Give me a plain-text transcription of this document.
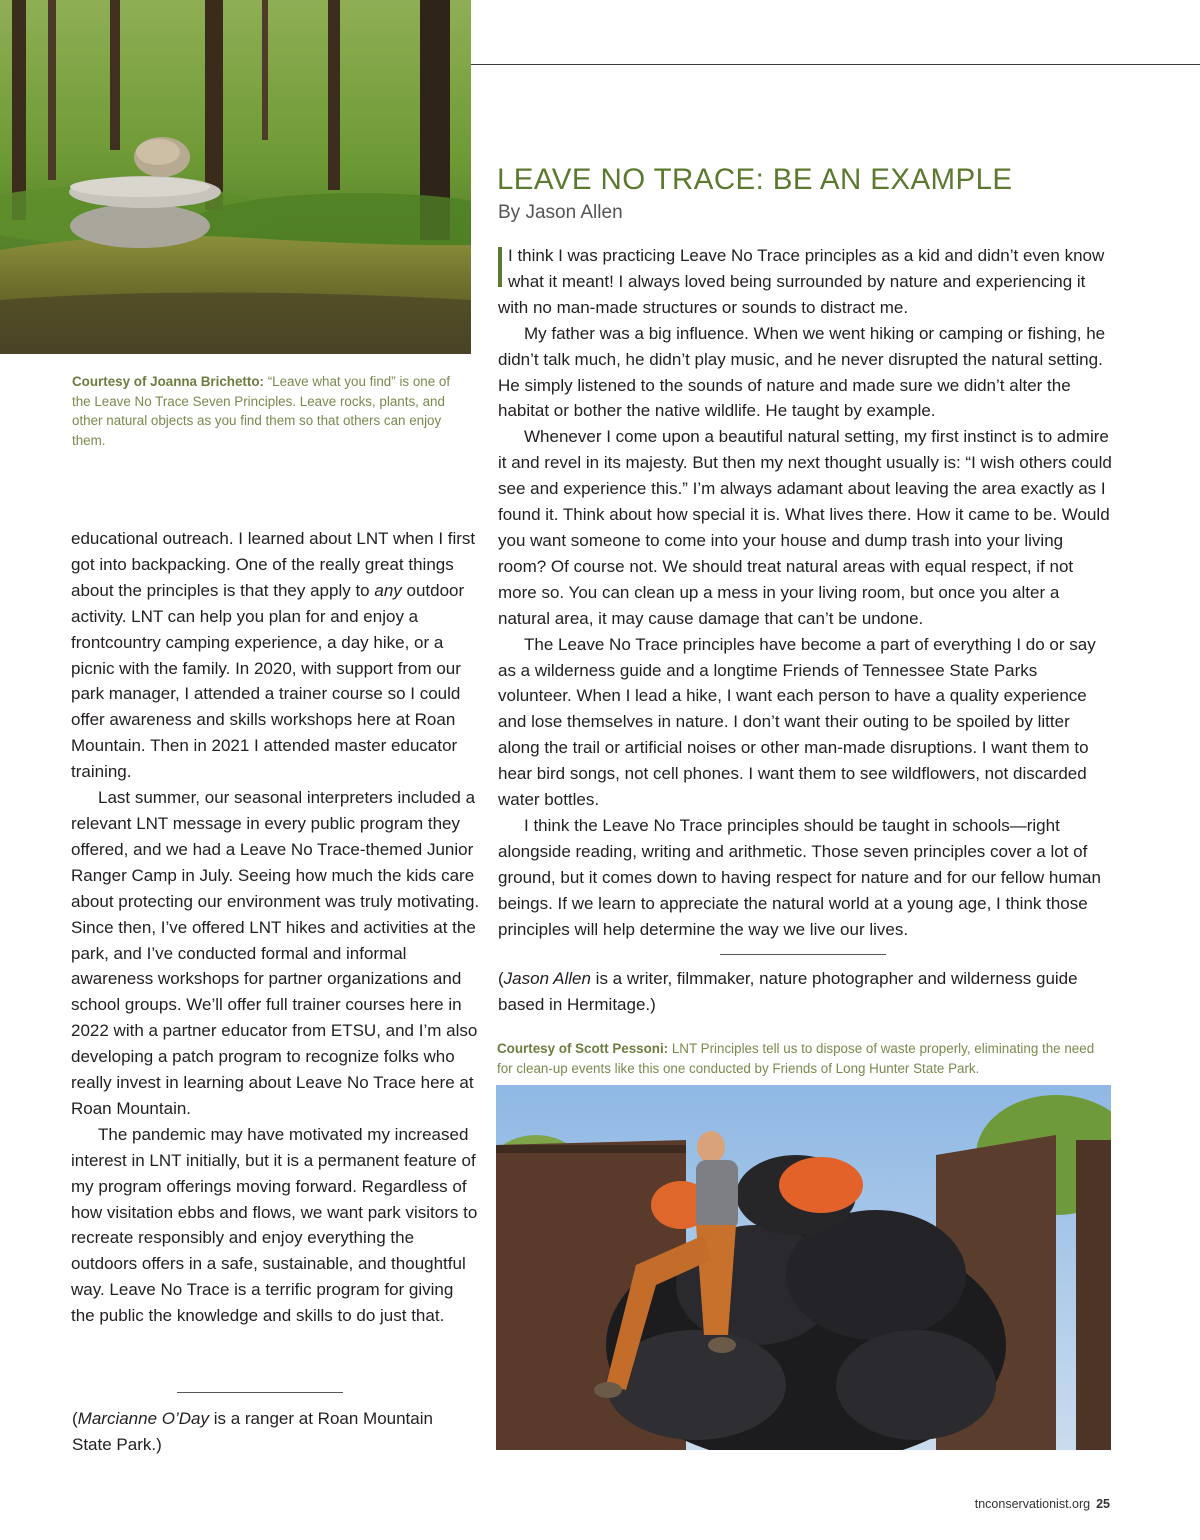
Courtesy of Joanna Brichetto: “Leave what you find” is one of the Leave No Trace Seven Principles. Leave rocks, plants, and other natural objects as you find them so that others can enjoy them.

educational outreach. I learned about LNT when I first got into backpacking. One of the really great things about the principles is that they apply to any outdoor activity. LNT can help you plan for and enjoy a frontcountry camping experience, a day hike, or a picnic with the family. In 2020, with support from our park manager, I attended a trainer course so I could offer awareness and skills workshops here at Roan Mountain. Then in 2021 I attended master educator training.

Last summer, our seasonal interpreters included a relevant LNT message in every public program they offered, and we had a Leave No Trace-themed Junior Ranger Camp in July. Seeing how much the kids care about protecting our environment was truly motivating. Since then, I’ve offered LNT hikes and activities at the park, and I’ve conducted formal and informal awareness workshops for partner organizations and school groups. We’ll offer full trainer courses here in 2022 with a partner educator from ETSU, and I’m also developing a patch program to recognize folks who really invest in learning about Leave No Trace here at Roan Mountain.

The pandemic may have motivated my increased interest in LNT initially, but it is a permanent feature of my program offerings moving forward. Regardless of how visitation ebbs and flows, we want park visitors to recreate responsibly and enjoy everything the outdoors offers in a safe, sustainable, and thoughtful way. Leave No Trace is a terrific program for giving the public the knowledge and skills to do just that.

(Marcianne O’Day is a ranger at Roan Mountain State Park.)
LEAVE NO TRACE: BE AN EXAMPLE
By Jason Allen

I think I was practicing Leave No Trace principles as a kid and didn’t even know what it meant! I always loved being surrounded by nature and experiencing it with no man-made structures or sounds to distract me.

My father was a big influence. When we went hiking or camping or fishing, he didn’t talk much, he didn’t play music, and he never disrupted the natural setting. He simply listened to the sounds of nature and made sure we didn’t alter the habitat or bother the native wildlife. He taught by example.

Whenever I come upon a beautiful natural setting, my first instinct is to admire it and revel in its majesty. But then my next thought usually is: “I wish others could see and experience this.” I’m always adamant about leaving the area exactly as I found it. Think about how special it is. What lives there. How it came to be. Would you want someone to come into your house and dump trash into your living room? Of course not. We should treat natural areas with equal respect, if not more so. You can clean up a mess in your living room, but once you alter a natural area, it may cause damage that can’t be undone.

The Leave No Trace principles have become a part of everything I do or say as a wilderness guide and a longtime Friends of Tennessee State Parks volunteer. When I lead a hike, I want each person to have a quality experience and lose themselves in nature. I don’t want their outing to be spoiled by litter along the trail or artificial noises or other man-made disruptions. I want them to hear bird songs, not cell phones. I want them to see wildflowers, not discarded water bottles.

I think the Leave No Trace principles should be taught in schools—right alongside reading, writing and arithmetic. Those seven principles cover a lot of ground, but it comes down to having respect for nature and for our fellow human beings. If we learn to appreciate the natural world at a young age, I think those principles will help determine the way we live our lives.

(Jason Allen is a writer, filmmaker, nature photographer and wilderness guide based in Hermitage.)
Courtesy of Scott Pessoni: LNT Principles tell us to dispose of waste properly, eliminating the need for clean-up events like this one conducted by Friends of Long Hunter State Park.
tnconservationist.org 25
